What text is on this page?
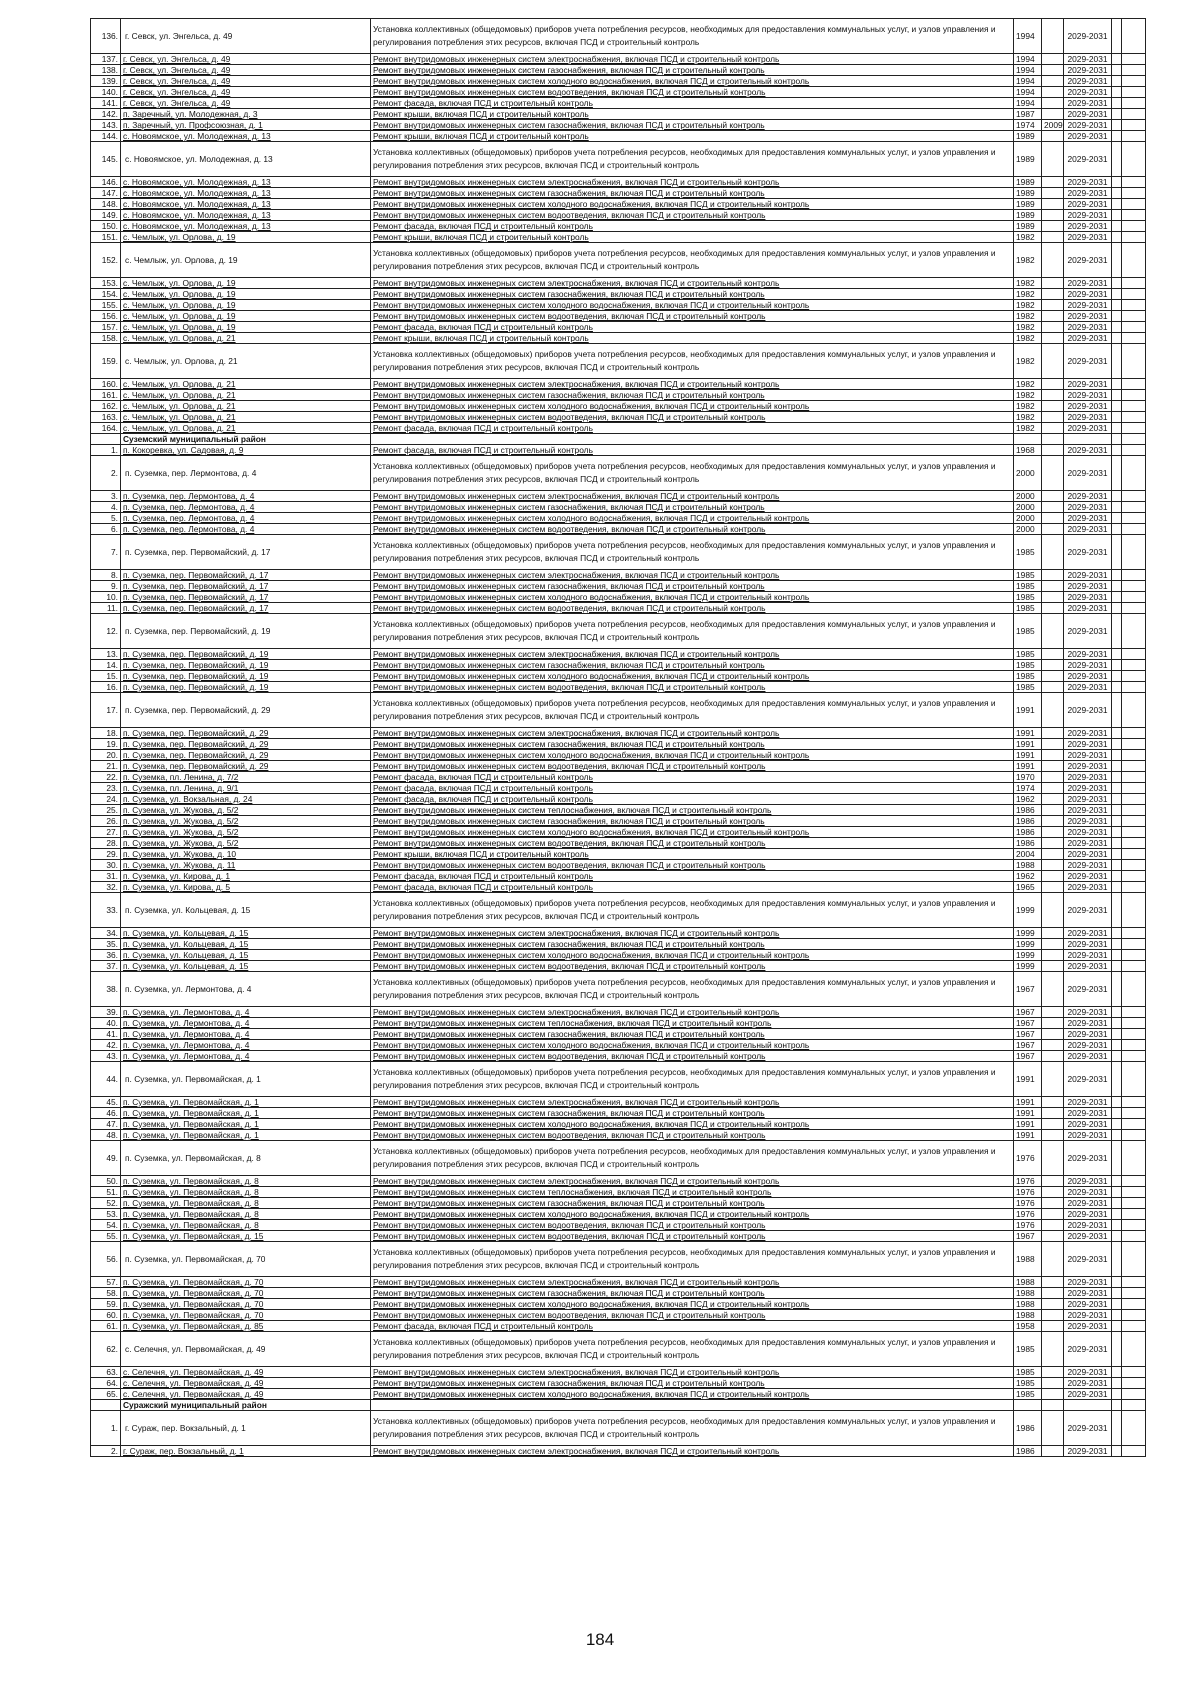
136.	г. Севск, ул. Энгельса, д. 49	Установка коллективных (общедомовых) приборов учета потребления ресурсов, необходимых для предоставления коммунальных услуг, и узлов управления и регулирования потребления этих ресурсов, включая ПСД и строительный контроль	1994		2029-2031		
137.	г. Севск, ул. Энгельса, д. 49	Ремонт внутридомовых инженерных систем электроснабжения, включая ПСД и строительный контроль	1994		2029-2031		
138.	г. Севск, ул. Энгельса, д. 49	Ремонт внутридомовых инженерных систем газоснабжения, включая ПСД и строительный контроль	1994		2029-2031		
139.	г. Севск, ул. Энгельса, д. 49	Ремонт внутридомовых инженерных систем холодного водоснабжения, включая ПСД и строительный контроль	1994		2029-2031		
140.	г. Севск, ул. Энгельса, д. 49	Ремонт внутридомовых инженерных систем водоотведения, включая ПСД и строительный контроль	1994		2029-2031		
141.	г. Севск, ул. Энгельса, д. 49	Ремонт фасада, включая ПСД и строительный контроль	1994		2029-2031		
142.	п. Заречный, ул. Молодежная, д. 3	Ремонт крыши, включая ПСД и строительный контроль	1987		2029-2031		
143.	п. Заречный, ул. Профсоюзная, д. 1	Ремонт внутридомовых инженерных систем газоснабжения, включая ПСД и строительный контроль	1974	2009	2029-2031		
144.	с. Новоямское, ул. Молодежная, д. 13	Ремонт крыши, включая ПСД и строительный контроль	1989		2029-2031		
145.	с. Новоямское, ул. Молодежная, д. 13	Установка коллективных (общедомовых) приборов учета потребления ресурсов, необходимых для предоставления коммунальных услуг, и узлов управления и регулирования потребления этих ресурсов, включая ПСД и строительный контроль	1989		2029-2031		
146.	с. Новоямское, ул. Молодежная, д. 13	Ремонт внутридомовых инженерных систем электроснабжения, включая ПСД и строительный контроль	1989		2029-2031		
147.	с. Новоямское, ул. Молодежная, д. 13	Ремонт внутридомовых инженерных систем газоснабжения, включая ПСД и строительный контроль	1989		2029-2031		
148.	с. Новоямское, ул. Молодежная, д. 13	Ремонт внутридомовых инженерных систем холодного водоснабжения, включая ПСД и строительный контроль	1989		2029-2031		
149.	с. Новоямское, ул. Молодежная, д. 13	Ремонт внутридомовых инженерных систем водоотведения, включая ПСД и строительный контроль	1989		2029-2031		
150.	с. Новоямское, ул. Молодежная, д. 13	Ремонт фасада, включая ПСД и строительный контроль	1989		2029-2031		
151.	с. Чемлыж, ул. Орлова, д. 19	Ремонт крыши, включая ПСД и строительный контроль	1982		2029-2031		
152.	с. Чемлыж, ул. Орлова, д. 19	Установка коллективных (общедомовых) приборов учета потребления ресурсов, необходимых для предоставления коммунальных услуг, и узлов управления и регулирования потребления этих ресурсов, включая ПСД и строительный контроль	1982		2029-2031		
153.	с. Чемлыж, ул. Орлова, д. 19	Ремонт внутридомовых инженерных систем электроснабжения, включая ПСД и строительный контроль	1982		2029-2031		
154.	с. Чемлыж, ул. Орлова, д. 19	Ремонт внутридомовых инженерных систем газоснабжения, включая ПСД и строительный контроль	1982		2029-2031		
155.	с. Чемлыж, ул. Орлова, д. 19	Ремонт внутридомовых инженерных систем холодного водоснабжения, включая ПСД и строительный контроль	1982		2029-2031		
156.	с. Чемлыж, ул. Орлова, д. 19	Ремонт внутридомовых инженерных систем водоотведения, включая ПСД и строительный контроль	1982		2029-2031		
157.	с. Чемлыж, ул. Орлова, д. 19	Ремонт фасада, включая ПСД и строительный контроль	1982		2029-2031		
158.	с. Чемлыж, ул. Орлова, д. 21	Ремонт крыши, включая ПСД и строительный контроль	1982		2029-2031		
159.	с. Чемлыж, ул. Орлова, д. 21	Установка коллективных (общедомовых) приборов учета потребления ресурсов, необходимых для предоставления коммунальных услуг, и узлов управления и регулирования потребления этих ресурсов, включая ПСД и строительный контроль	1982		2029-2031		
160.	с. Чемлыж, ул. Орлова, д. 21	Ремонт внутридомовых инженерных систем электроснабжения, включая ПСД и строительный контроль	1982		2029-2031		
161.	с. Чемлыж, ул. Орлова, д. 21	Ремонт внутридомовых инженерных систем газоснабжения, включая ПСД и строительный контроль	1982		2029-2031		
162.	с. Чемлыж, ул. Орлова, д. 21	Ремонт внутридомовых инженерных систем холодного водоснабжения, включая ПСД и строительный контроль	1982		2029-2031		
163.	с. Чемлыж, ул. Орлова, д. 21	Ремонт внутридомовых инженерных систем водоотведения, включая ПСД и строительный контроль	1982		2029-2031		
164.	с. Чемлыж, ул. Орлова, д. 21	Ремонт фасада, включая ПСД и строительный контроль	1982		2029-2031		
	Суземский муниципальный район						
1.	п. Кокоревка, ул. Садовая, д. 9	Ремонт фасада, включая ПСД и строительный контроль	1968		2029-2031		
2.	п. Суземка, пер. Лермонтова, д. 4	Установка коллективных (общедомовых) приборов учета потребления ресурсов, необходимых для предоставления коммунальных услуг, и узлов управления и регулирования потребления этих ресурсов, включая ПСД и строительный контроль	2000		2029-2031		
3.	п. Суземка, пер. Лермонтова, д. 4	Ремонт внутридомовых инженерных систем электроснабжения, включая ПСД и строительный контроль	2000		2029-2031		
4.	п. Суземка, пер. Лермонтова, д. 4	Ремонт внутридомовых инженерных систем газоснабжения, включая ПСД и строительный контроль	2000		2029-2031		
5.	п. Суземка, пер. Лермонтова, д. 4	Ремонт внутридомовых инженерных систем холодного водоснабжения, включая ПСД и строительный контроль	2000		2029-2031		
6.	п. Суземка, пер. Лермонтова, д. 4	Ремонт внутридомовых инженерных систем водоотведения, включая ПСД и строительный контроль	2000		2029-2031		
7.	п. Суземка, пер. Первомайский, д. 17	Установка коллективных (общедомовых) приборов учета потребления ресурсов, необходимых для предоставления коммунальных услуг, и узлов управления и регулирования потребления этих ресурсов, включая ПСД и строительный контроль	1985		2029-2031		
8.	п. Суземка, пер. Первомайский, д. 17	Ремонт внутридомовых инженерных систем электроснабжения, включая ПСД и строительный контроль	1985		2029-2031		
9.	п. Суземка, пер. Первомайский, д. 17	Ремонт внутридомовых инженерных систем газоснабжения, включая ПСД и строительный контроль	1985		2029-2031		
10.	п. Суземка, пер. Первомайский, д. 17	Ремонт внутридомовых инженерных систем холодного водоснабжения, включая ПСД и строительный контроль	1985		2029-2031		
11.	п. Суземка, пер. Первомайский, д. 17	Ремонт внутридомовых инженерных систем водоотведения, включая ПСД и строительный контроль	1985		2029-2031		
12.	п. Суземка, пер. Первомайский, д. 19	Установка коллективных (общедомовых) приборов учета потребления ресурсов, необходимых для предоставления коммунальных услуг, и узлов управления и регулирования потребления этих ресурсов, включая ПСД и строительный контроль	1985		2029-2031		
13.	п. Суземка, пер. Первомайский, д. 19	Ремонт внутридомовых инженерных систем электроснабжения, включая ПСД и строительный контроль	1985		2029-2031		
14.	п. Суземка, пер. Первомайский, д. 19	Ремонт внутридомовых инженерных систем газоснабжения, включая ПСД и строительный контроль	1985		2029-2031		
15.	п. Суземка, пер. Первомайский, д. 19	Ремонт внутридомовых инженерных систем холодного водоснабжения, включая ПСД и строительный контроль	1985		2029-2031		
16.	п. Суземка, пер. Первомайский, д. 19	Ремонт внутридомовых инженерных систем водоотведения, включая ПСД и строительный контроль	1985		2029-2031		
17.	п. Суземка, пер. Первомайский, д. 29	Установка коллективных (общедомовых) приборов учета потребления ресурсов, необходимых для предоставления коммунальных услуг, и узлов управления и регулирования потребления этих ресурсов, включая ПСД и строительный контроль	1991		2029-2031		
18.	п. Суземка, пер. Первомайский, д. 29	Ремонт внутридомовых инженерных систем электроснабжения, включая ПСД и строительный контроль	1991		2029-2031		
19.	п. Суземка, пер. Первомайский, д. 29	Ремонт внутридомовых инженерных систем газоснабжения, включая ПСД и строительный контроль	1991		2029-2031		
20.	п. Суземка, пер. Первомайский, д. 29	Ремонт внутридомовых инженерных систем холодного водоснабжения, включая ПСД и строительный контроль	1991		2029-2031		
21.	п. Суземка, пер. Первомайский, д. 29	Ремонт внутридомовых инженерных систем водоотведения, включая ПСД и строительный контроль	1991		2029-2031		
22.	п. Суземка, пл. Ленина, д. 7/2	Ремонт фасада, включая ПСД и строительный контроль	1970		2029-2031		
23.	п. Суземка, пл. Ленина, д. 9/1	Ремонт фасада, включая ПСД и строительный контроль	1974		2029-2031		
24.	п. Суземка, ул. Вокзальная, д. 24	Ремонт фасада, включая ПСД и строительный контроль	1962		2029-2031		
25.	п. Суземка, ул. Жукова, д. 5/2	Ремонт внутридомовых инженерных систем теплоснабжения, включая ПСД и строительный контроль	1986		2029-2031		
26.	п. Суземка, ул. Жукова, д. 5/2	Ремонт внутридомовых инженерных систем газоснабжения, включая ПСД и строительный контроль	1986		2029-2031		
27.	п. Суземка, ул. Жукова, д. 5/2	Ремонт внутридомовых инженерных систем холодного водоснабжения, включая ПСД и строительный контроль	1986		2029-2031		
28.	п. Суземка, ул. Жукова, д. 5/2	Ремонт внутридомовых инженерных систем водоотведения, включая ПСД и строительный контроль	1986		2029-2031		
29.	п. Суземка, ул. Жукова, д. 10	Ремонт крыши, включая ПСД и строительный контроль	2004		2029-2031		
30.	п. Суземка, ул. Жукова, д. 11	Ремонт внутридомовых инженерных систем водоотведения, включая ПСД и строительный контроль	1988		2029-2031		
31.	п. Суземка, ул. Кирова, д. 1	Ремонт фасада, включая ПСД и строительный контроль	1962		2029-2031		
32.	п. Суземка, ул. Кирова, д. 5	Ремонт фасада, включая ПСД и строительный контроль	1965		2029-2031		
33.	п. Суземка, ул. Кольцевая, д. 15	Установка коллективных (общедомовых) приборов учета потребления ресурсов, необходимых для предоставления коммунальных услуг, и узлов управления и регулирования потребления этих ресурсов, включая ПСД и строительный контроль	1999		2029-2031		
34.	п. Суземка, ул. Кольцевая, д. 15	Ремонт внутридомовых инженерных систем электроснабжения, включая ПСД и строительный контроль	1999		2029-2031		
35.	п. Суземка, ул. Кольцевая, д. 15	Ремонт внутридомовых инженерных систем газоснабжения, включая ПСД и строительный контроль	1999		2029-2031		
36.	п. Суземка, ул. Кольцевая, д. 15	Ремонт внутридомовых инженерных систем холодного водоснабжения, включая ПСД и строительный контроль	1999		2029-2031		
37.	п. Суземка, ул. Кольцевая, д. 15	Ремонт внутридомовых инженерных систем водоотведения, включая ПСД и строительный контроль	1999		2029-2031		
38.	п. Суземка, ул. Лермонтова, д. 4	Установка коллективных (общедомовых) приборов учета потребления ресурсов, необходимых для предоставления коммунальных услуг, и узлов управления и регулирования потребления этих ресурсов, включая ПСД и строительный контроль	1967		2029-2031		
39.	п. Суземка, ул. Лермонтова, д. 4	Ремонт внутридомовых инженерных систем электроснабжения, включая ПСД и строительный контроль	1967		2029-2031		
40.	п. Суземка, ул. Лермонтова, д. 4	Ремонт внутридомовых инженерных систем теплоснабжения, включая ПСД и строительный контроль	1967		2029-2031		
41.	п. Суземка, ул. Лермонтова, д. 4	Ремонт внутридомовых инженерных систем газоснабжения, включая ПСД и строительный контроль	1967		2029-2031		
42.	п. Суземка, ул. Лермонтова, д. 4	Ремонт внутридомовых инженерных систем холодного водоснабжения, включая ПСД и строительный контроль	1967		2029-2031		
43.	п. Суземка, ул. Лермонтова, д. 4	Ремонт внутридомовых инженерных систем водоотведения, включая ПСД и строительный контроль	1967		2029-2031		
44.	п. Суземка, ул. Первомайская, д. 1	Установка коллективных (общедомовых) приборов учета потребления ресурсов, необходимых для предоставления коммунальных услуг, и узлов управления и регулирования потребления этих ресурсов, включая ПСД и строительный контроль	1991		2029-2031		
45.	п. Суземка, ул. Первомайская, д. 1	Ремонт внутридомовых инженерных систем электроснабжения, включая ПСД и строительный контроль	1991		2029-2031		
46.	п. Суземка, ул. Первомайская, д. 1	Ремонт внутридомовых инженерных систем газоснабжения, включая ПСД и строительный контроль	1991		2029-2031		
47.	п. Суземка, ул. Первомайская, д. 1	Ремонт внутридомовых инженерных систем холодного водоснабжения, включая ПСД и строительный контроль	1991		2029-2031		
48.	п. Суземка, ул. Первомайская, д. 1	Ремонт внутридомовых инженерных систем водоотведения, включая ПСД и строительный контроль	1991		2029-2031		
49.	п. Суземка, ул. Первомайская, д. 8	Установка коллективных (общедомовых) приборов учета потребления ресурсов, необходимых для предоставления коммунальных услуг, и узлов управления и регулирования потребления этих ресурсов, включая ПСД и строительный контроль	1976		2029-2031		
50.	п. Суземка, ул. Первомайская, д. 8	Ремонт внутридомовых инженерных систем электроснабжения, включая ПСД и строительный контроль	1976		2029-2031		
51.	п. Суземка, ул. Первомайская, д. 8	Ремонт внутридомовых инженерных систем теплоснабжения, включая ПСД и строительный контроль	1976		2029-2031		
52.	п. Суземка, ул. Первомайская, д. 8	Ремонт внутридомовых инженерных систем газоснабжения, включая ПСД и строительный контроль	1976		2029-2031		
53.	п. Суземка, ул. Первомайская, д. 8	Ремонт внутридомовых инженерных систем холодного водоснабжения, включая ПСД и строительный контроль	1976		2029-2031		
54.	п. Суземка, ул. Первомайская, д. 8	Ремонт внутридомовых инженерных систем водоотведения, включая ПСД и строительный контроль	1976		2029-2031		
55.	п. Суземка, ул. Первомайская, д. 15	Ремонт внутридомовых инженерных систем водоотведения, включая ПСД и строительный контроль	1967		2029-2031		
56.	п. Суземка, ул. Первомайская, д. 70	Установка коллективных (общедомовых) приборов учета потребления ресурсов, необходимых для предоставления коммунальных услуг, и узлов управления и регулирования потребления этих ресурсов, включая ПСД и строительный контроль	1988		2029-2031		
57.	п. Суземка, ул. Первомайская, д. 70	Ремонт внутридомовых инженерных систем электроснабжения, включая ПСД и строительный контроль	1988		2029-2031		
58.	п. Суземка, ул. Первомайская, д. 70	Ремонт внутридомовых инженерных систем газоснабжения, включая ПСД и строительный контроль	1988		2029-2031		
59.	п. Суземка, ул. Первомайская, д. 70	Ремонт внутридомовых инженерных систем холодного водоснабжения, включая ПСД и строительный контроль	1988		2029-2031		
60.	п. Суземка, ул. Первомайская, д. 70	Ремонт внутридомовых инженерных систем водоотведения, включая ПСД и строительный контроль	1988		2029-2031		
61.	п. Суземка, ул. Первомайская, д. 85	Ремонт фасада, включая ПСД и строительный контроль	1958		2029-2031		
62.	с. Селечня, ул. Первомайская, д. 49	Установка коллективных (общедомовых) приборов учета потребления ресурсов, необходимых для предоставления коммунальных услуг, и узлов управления и регулирования потребления этих ресурсов, включая ПСД и строительный контроль	1985		2029-2031		
63.	с. Селечня, ул. Первомайская, д. 49	Ремонт внутридомовых инженерных систем электроснабжения, включая ПСД и строительный контроль	1985		2029-2031		
64.	с. Селечня, ул. Первомайская, д. 49	Ремонт внутридомовых инженерных систем газоснабжения, включая ПСД и строительный контроль	1985		2029-2031		
65.	с. Селечня, ул. Первомайская, д. 49	Ремонт внутридомовых инженерных систем холодного водоснабжения, включая ПСД и строительный контроль	1985		2029-2031		
	Суражский муниципальный район						
1.	г. Сураж, пер. Вокзальный, д. 1	Установка коллективных (общедомовых) приборов учета потребления ресурсов, необходимых для предоставления коммунальных услуг, и узлов управления и регулирования потребления этих ресурсов, включая ПСД и строительный контроль	1986		2029-2031		
2.	г. Сураж, пер. Вокзальный, д. 1	Ремонт внутридомовых инженерных систем электроснабжения, включая ПСД и строительный контроль	1986		2029-2031		
184
